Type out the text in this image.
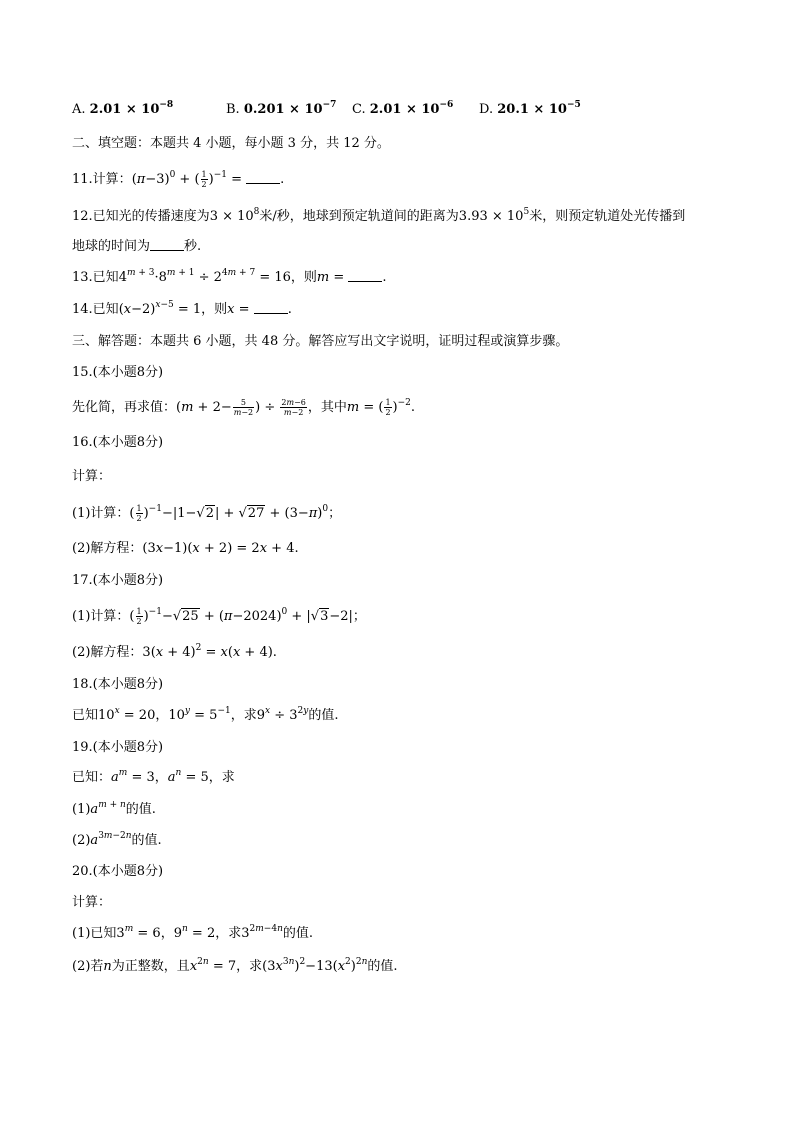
A. $2.01 \times 10^{-8}$	B. $0.201 \times 10^{-7}$ C. $2.01 \times 10^{-6}$ D. $20.1 \times 10^{-5}$
二、填空题：本题共 4 小题，每小题 3 分，共 12 分。
11.计算：$(\pi-3)^0$ + ( $\frac{1}{2} )^{-1}$ =	.
12.已知光的传播速度为$3 \times 10^8$米/秒，地球到预定轨道间的距离为$3.93 \times 10^5$米，则预定轨道处光传播到
地球的时间为	秒.
13.已知$4^{m + 3}\cdot 8^{m + 1} \div 2^{4m + 7} = 16$，则m =	.
14.已知$(x-2)^{x-5} = 1$，则x =	.
三、解答题：本题共 6 小题，共 48 分。解答应写出文字说明，证明过程或演算步骤。
15.(本小题8分)
先化简，再求值：($m + 2- \frac{5}{m-2}$ ) ÷ $\frac{2m-6}{m-2}$ ，其中m = ( $\frac{1}{2} )^{-2}$.
16.(本小题8分)
计算：
(1)计算：( $\frac{1}{2} )^{-1}-|1-√2| + √27 + (3-\pi)^0$；
(2)解方程：(3x−1)(x + 2) = 2x + 4.
17.(本小题8分)
(1)计算：( $\frac{1}{2} )^{-1}-√25 + (\pi-2024)^0 + |√3-2|$；
(2)解方程：$3(x + 4)^2 = x(x + 4)$.
18.(本小题8分)
已知$10^x = 20$，$10^y = 5^{-1}$，求$9^x \div 3^{2y}$的值.
19.(本小题8分)
已知：$a^m = 3$，$a^n = 5$，求
$(1)a^{m + n}$的值.
$(2)a^{3m-2n}$的值.
20.(本小题8分)
计算：
(1)已知$3^m = 6$，$9^n = 2$，求$3^{2m-4n}$的值.
(2)若n为正整数，且$x^{2n} = 7$，求$(3x^{3n})^2-13(x^2)^{2n}$的值.
